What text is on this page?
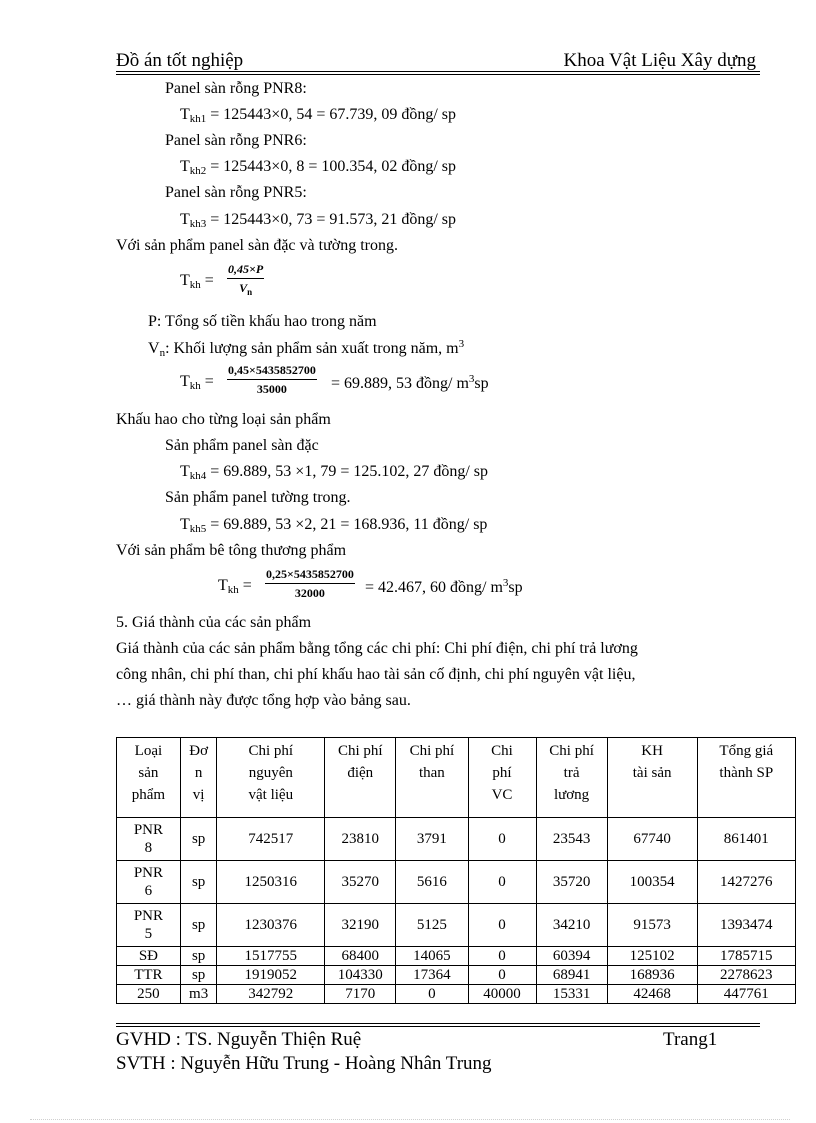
Đồ án tốt nghiệp	Khoa Vật Liệu Xây dựng
Panel sàn rỗng PNR8:
$T_{kh1} = 125443\times 0$, 54 = 67.739, 09 đồng/ sp
Panel sàn rỗng PNR6:
$T_{kh2} = 125443\times 0$, 8 = 100.354, 02 đồng/ sp
Panel sàn rỗng PNR5:
$T_{kh3} = 125443\times 0$, 73 = 91.573, 21 đồng/ sp
Với sản phẩm panel sàn đặc và tường trong.
$T_{kh} = \frac{0,45\times P}{V_n}$
P: Tổng số tiền khấu hao trong năm
$V_n$: Khối lượng sản phẩm sản xuất trong năm, $m^3$
$T_{kh} = \frac{0,45\times 5435852700}{35000} = 69.889$, 53 đồng/ $m^3sp$
Khấu hao cho từng loại sản phẩm
Sản phẩm panel sàn đặc
$T_{kh4} = 69.889$, 53 ×1, 79 = 125.102, 27 đồng/ sp
Sản phẩm panel tường trong.
$T_{kh5} = 69.889$, 53 ×2, 21 = 168.936, 11 đồng/ sp
Với sản phẩm bê tông thương phẩm
$T_{kh} = \frac{0,25\times 5435852700}{32000} = 42.467$, 60 đồng/ $m^3sp$
5. Giá thành của các sản phẩm
Giá thành của các sản phẩm bằng tổng các chi phí: Chi phí điện, chi phí trả lương
công nhân, chi phí than, chi phí khấu hao tài sản cố định, chi phí nguyên vật liệu,
… giá thành này được tổng hợp vào bảng sau.
Loại
sản
phẩm	Đơ
n
vị	Chi phí
nguyên
vật liệu	Chi phí
điện	Chi phí
than	Chi
phí
VC	Chi phí
trả
lương	KH
tài sản	Tổng giá
thành SP
PNR
8	sp	742517	23810	3791	0	23543	67740	861401
PNR
6	sp	1250316	35270	5616	0	35720	100354	1427276
PNR
5	sp	1230376	32190	5125	0	34210	91573	1393474
SĐ	sp	1517755	68400	14065	0	60394	125102	1785715
TTR	sp	1919052	104330	17364	0	68941	168936	2278623
250	m3	342792	7170	0	40000	15331	42468	447761
GVHD : TS. Nguyễn Thiện Ruệ	Trang1
SVTH : Nguyễn Hữu Trung - Hoàng Nhân Trung
